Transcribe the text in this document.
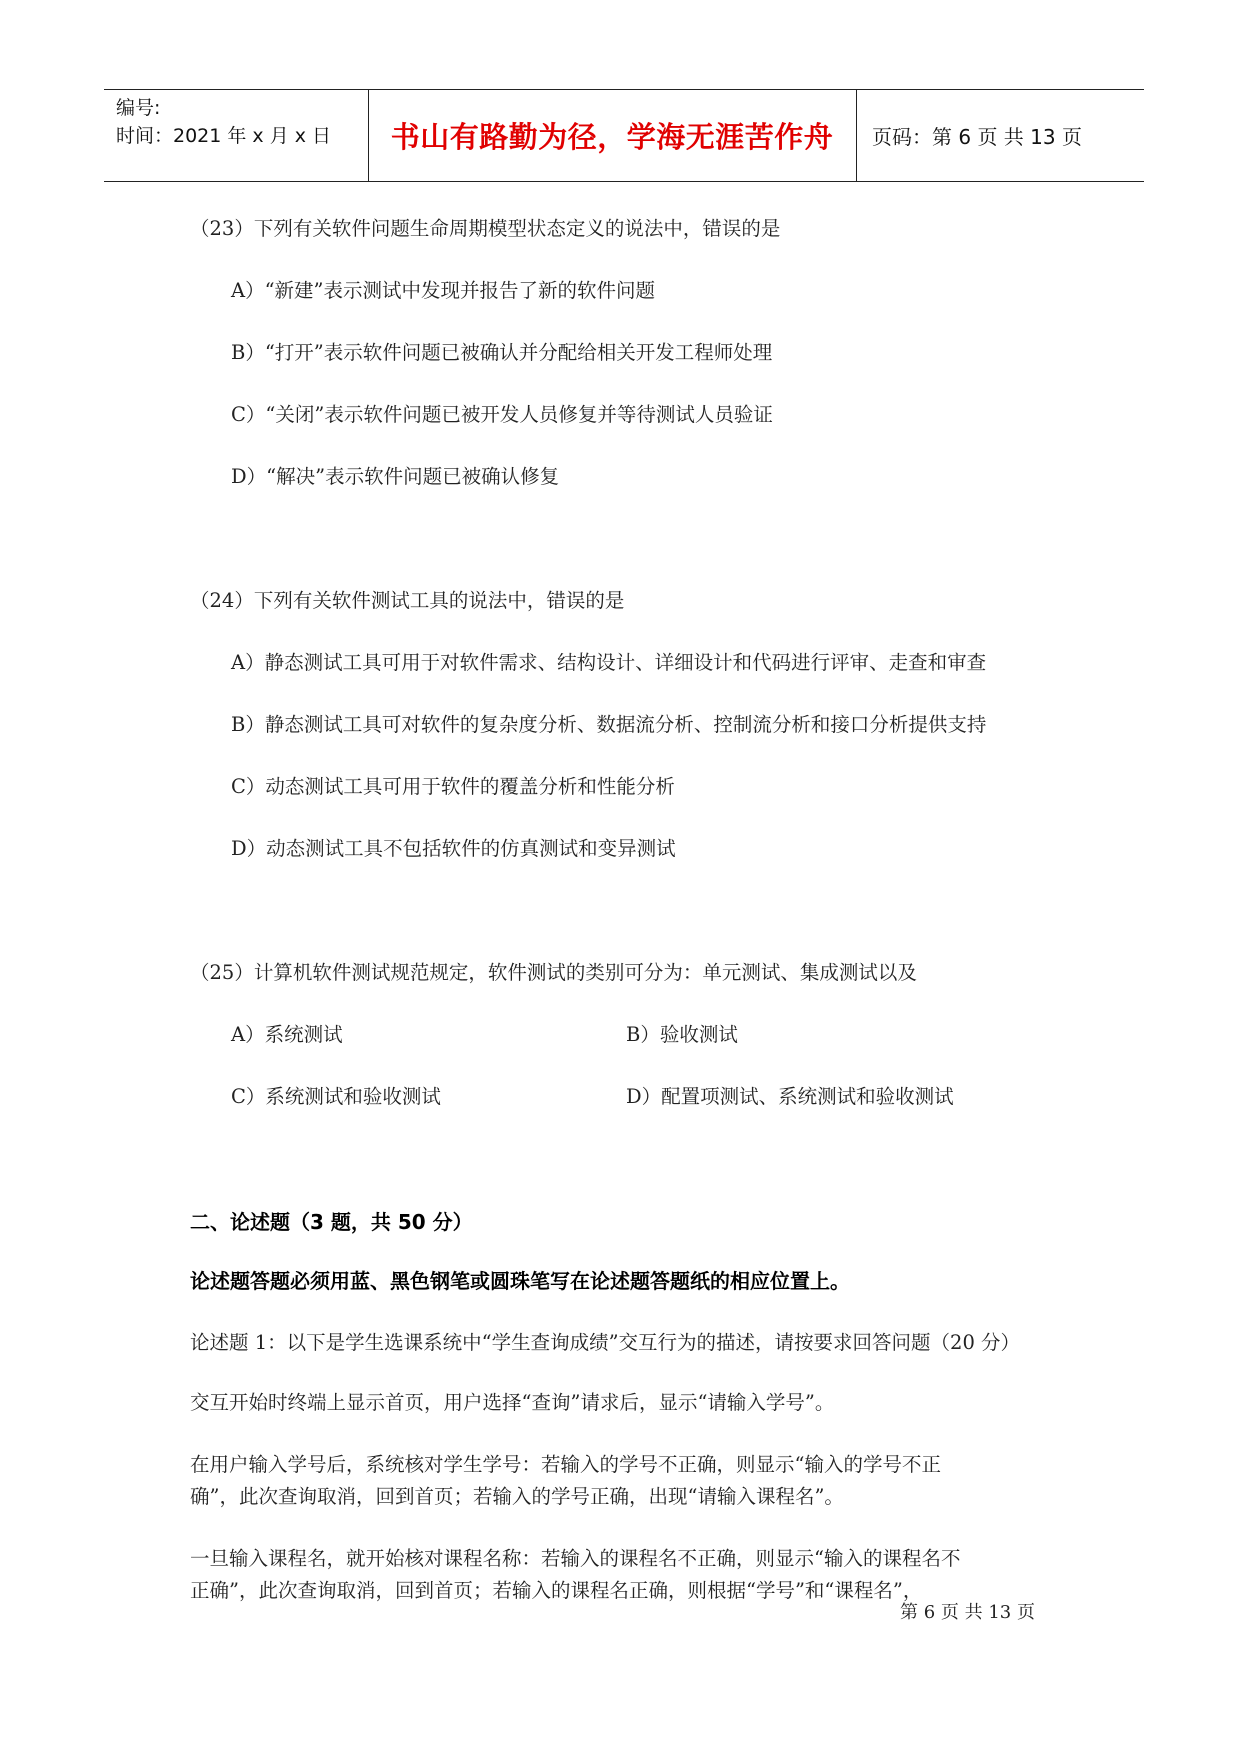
编号:
时间：2021 年 x 月 x 日	书山有路勤为径，学海无涯苦作舟	页码：第 6 页 共 13 页
（23）下列有关软件问题生命周期模型状态定义的说法中，错误的是
A）“新建”表示测试中发现并报告了新的软件问题
B）“打开”表示软件问题已被确认并分配给相关开发工程师处理
C）“关闭”表示软件问题已被开发人员修复并等待测试人员验证
D）“解决”表示软件问题已被确认修复
（24）下列有关软件测试工具的说法中，错误的是
A）静态测试工具可用于对软件需求、结构设计、详细设计和代码进行评审、走查和审查
B）静态测试工具可对软件的复杂度分析、数据流分析、控制流分析和接口分析提供支持
C）动态测试工具可用于软件的覆盖分析和性能分析
D）动态测试工具不包括软件的仿真测试和变异测试
（25）计算机软件测试规范规定，软件测试的类别可分为：单元测试、集成测试以及
A）系统测试	B）验收测试
C）系统测试和验收测试	D）配置项测试、系统测试和验收测试
二、论述题（3 题，共 50 分）
论述题答题必须用蓝、黑色钢笔或圆珠笔写在论述题答题纸的相应位置上。
论述题 1：以下是学生选课系统中“学生查询成绩”交互行为的描述，请按要求回答问题（20 分）
交互开始时终端上显示首页，用户选择“查询”请求后，显示“请输入学号”。
在用户输入学号后，系统核对学生学号：若输入的学号不正确，则显示“输入的学号不正
确”，此次查询取消，回到首页；若输入的学号正确，出现“请输入课程名”。
一旦输入课程名，就开始核对课程名称：若输入的课程名不正确，则显示“输入的课程名不
正确”，此次查询取消，回到首页；若输入的课程名正确，则根据“学号”和“课程名”，
第 6 页 共 13 页
